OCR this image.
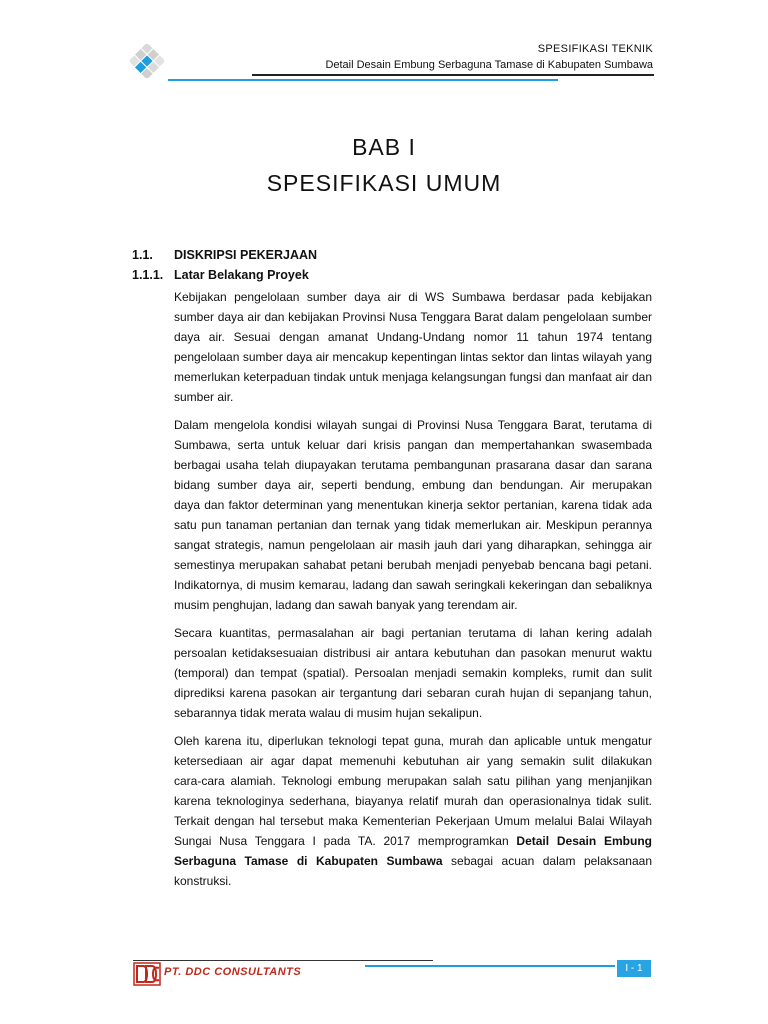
SPESIFIKASI TEKNIK
Detail Desain Embung Serbaguna Tamase di Kabupaten Sumbawa
BAB I
SPESIFIKASI UMUM
1.1. DISKRIPSI PEKERJAAN
1.1.1. Latar Belakang Proyek
Kebijakan pengelolaan sumber daya air di WS Sumbawa berdasar pada kebijakan
sumber daya air dan kebijakan Provinsi Nusa Tenggara Barat dalam pengelolaan sumber
daya air. Sesuai dengan amanat Undang-Undang nomor 11 tahun 1974 tentang
pengelolaan sumber daya air mencakup kepentingan lintas sektor dan lintas wilayah yang
memerlukan keterpaduan tindak untuk menjaga kelangsungan fungsi dan manfaat air dan
sumber air.
Dalam mengelola kondisi wilayah sungai di Provinsi Nusa Tenggara Barat, terutama di
Sumbawa, serta untuk keluar dari krisis pangan dan mempertahankan swasembada
berbagai usaha telah diupayakan terutama pembangunan prasarana dasar dan sarana
bidang sumber daya air, seperti bendung, embung dan bendungan. Air merupakan
daya dan faktor determinan yang menentukan kinerja sektor pertanian, karena tidak ada
satu pun tanaman pertanian dan ternak yang tidak memerlukan air. Meskipun perannya
sangat strategis, namun pengelolaan air masih jauh dari yang diharapkan, sehingga air
semestinya merupakan sahabat petani berubah menjadi penyebab bencana bagi petani.
Indikatornya, di musim kemarau, ladang dan sawah seringkali kekeringan dan sebaliknya
musim penghujan, ladang dan sawah banyak yang terendam air.
Secara kuantitas, permasalahan air bagi pertanian terutama di lahan kering adalah
persoalan ketidaksesuaian distribusi air antara kebutuhan dan pasokan menurut waktu
(temporal) dan tempat (spatial). Persoalan menjadi semakin kompleks, rumit dan sulit
diprediksi karena pasokan air tergantung dari sebaran curah hujan di sepanjang tahun,
sebarannya tidak merata walau di musim hujan sekalipun.
Oleh karena itu, diperlukan teknologi tepat guna, murah dan aplicable untuk mengatur
ketersediaan air agar dapat memenuhi kebutuhan air yang semakin sulit dilakukan
cara-cara alamiah. Teknologi embung merupakan salah satu pilihan yang menjanjikan
karena teknologinya sederhana, biayanya relatif murah dan operasionalnya tidak sulit.
Terkait dengan hal tersebut maka Kementerian Pekerjaan Umum melalui Balai Wilayah
Sungai Nusa Tenggara I pada TA. 2017 memprogramkan Detail Desain Embung
Serbaguna Tamase di Kabupaten Sumbawa sebagai acuan dalam pelaksanaan
konstruksi.
PT. DDC CONSULTANTS	I - 1
